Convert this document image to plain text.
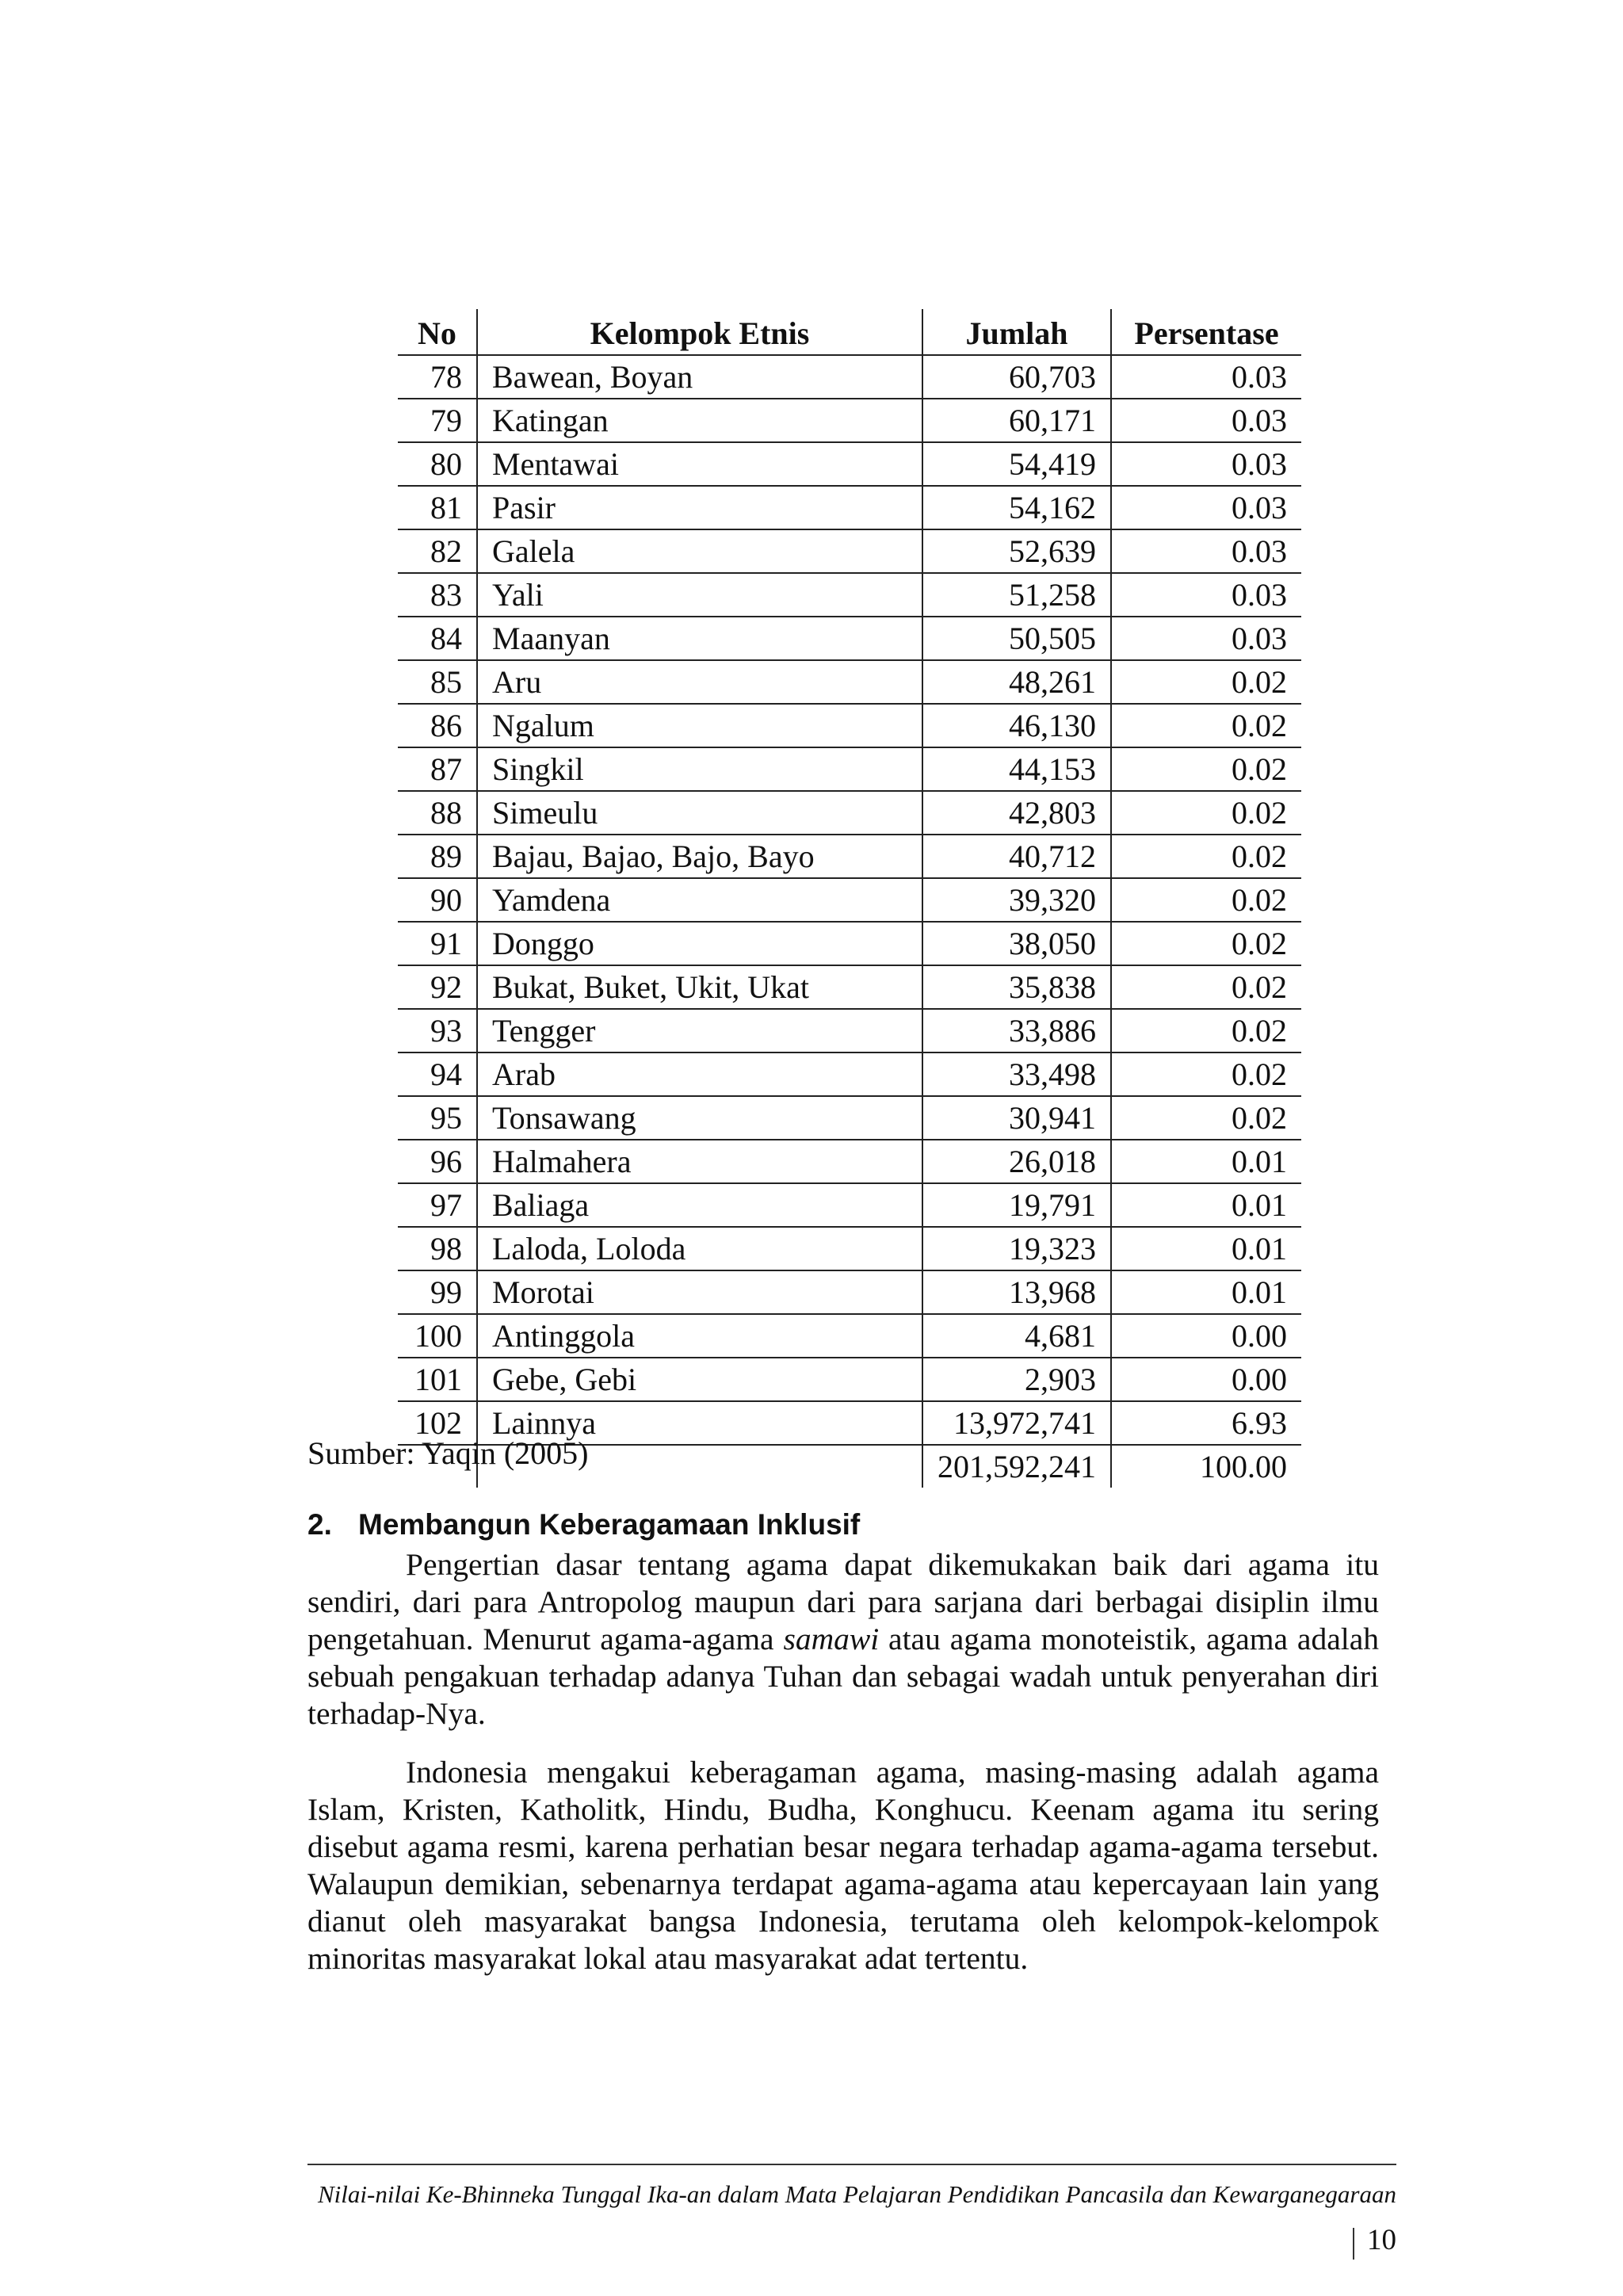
No	Kelompok Etnis	Jumlah	Persentase
78	Bawean, Boyan	60,703	0.03
79	Katingan	60,171	0.03
80	Mentawai	54,419	0.03
81	Pasir	54,162	0.03
82	Galela	52,639	0.03
83	Yali	51,258	0.03
84	Maanyan	50,505	0.03
85	Aru	48,261	0.02
86	Ngalum	46,130	0.02
87	Singkil	44,153	0.02
88	Simeulu	42,803	0.02
89	Bajau, Bajao, Bajo, Bayo	40,712	0.02
90	Yamdena	39,320	0.02
91	Donggo	38,050	0.02
92	Bukat, Buket, Ukit, Ukat	35,838	0.02
93	Tengger	33,886	0.02
94	Arab	33,498	0.02
95	Tonsawang	30,941	0.02
96	Halmahera	26,018	0.01
97	Baliaga	19,791	0.01
98	Laloda, Loloda	19,323	0.01
99	Morotai	13,968	0.01
100	Antinggola	4,681	0.00
101	Gebe, Gebi	2,903	0.00
102	Lainnya	13,972,741	6.93
		201,592,241	100.00
Sumber: Yaqin (2005)
2. Membangun Keberagamaan Inklusif

Pengertian dasar tentang agama dapat dikemukakan baik dari agama itu sendiri, dari para Antropolog maupun dari para sarjana dari berbagai disiplin ilmu pengetahuan. Menurut agama-agama samawi atau agama monoteistik, agama adalah sebuah pengakuan terhadap adanya Tuhan dan sebagai wadah untuk penyerahan diri terhadap-Nya.

Indonesia mengakui keberagaman agama, masing-masing adalah agama Islam, Kristen, Katholitk, Hindu, Budha, Konghucu. Keenam agama itu sering disebut agama resmi, karena perhatian besar negara terhadap agama-agama tersebut. Walaupun demikian, sebenarnya terdapat agama-agama atau kepercayaan lain yang dianut oleh masyarakat bangsa Indonesia, terutama oleh kelompok-kelompok minoritas masyarakat lokal atau masyarakat adat tertentu.

Nilai-nilai Ke-Bhinneka Tunggal Ika-an dalam Mata Pelajaran Pendidikan Pancasila dan Kewarganegaraan10
